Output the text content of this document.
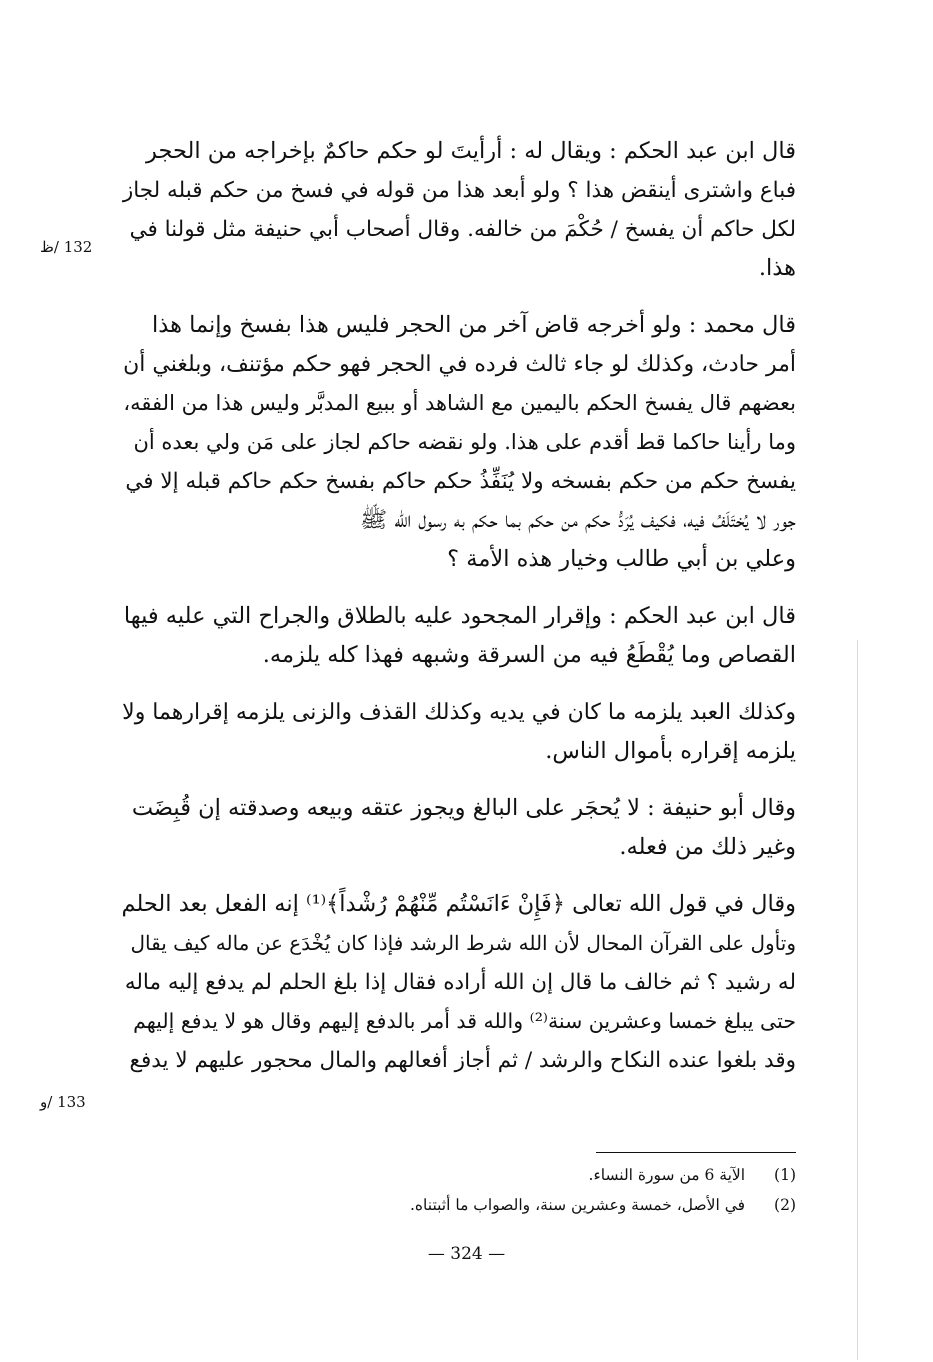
قال ابن عبد الحكم : ويقال له : أرأيتَ لو حكم حاكمٌ بإخراجه من الحجر
فباع واشترى أينقض هذا ؟ ولو أبعد هذا من قوله في فسخ من حكم قبله لجاز
لكل حاكم أن يفسخ / حُكْمَ من خالفه. وقال أصحاب أبي حنيفة مثل قولنا في
هذا.

قال محمد : ولو أخرجه قاض آخر من الحجر فليس هذا بفسخ وإنما هذا
أمر حادث، وكذلك لو جاء ثالث فرده في الحجر فهو حكم مؤتنف، وبلغني أن
بعضهم قال يفسخ الحكم باليمين مع الشاهد أو ببيع المدبَّر وليس هذا من الفقه،
وما رأينا حاكما قط أقدم على هذا. ولو نقضه حاكم لجاز على مَن ولي بعده أن
يفسخ حكم من حكم بفسخه ولا يُنَفِّذُ حكم حاكم بفسخ حكم حاكم قبله إلا في
جور لا يُختَلَفُ فيه، فكيف يُرَدُّ حكم من حكم بما حكم به رسول الله ﷺ
وعلي بن أبي طالب وخيار هذه الأمة ؟

قال ابن عبد الحكم : وإقرار المجحود عليه بالطلاق والجراح التي عليه فيها
القصاص وما يُقْطَعُ فيه من السرقة وشبهه فهذا كله يلزمه.

وكذلك العبد يلزمه ما كان في يديه وكذلك القذف والزنى يلزمه إقرارهما ولا
يلزمه إقراره بأموال الناس.

وقال أبو حنيفة : لا يُحجَر على البالغ ويجوز عتقه وبيعه وصدقته إن قُبِضَت
وغير ذلك من فعله.

وقال في قول الله تعالى ﴿فَإِنْ ءَانَسْتُم مِّنْهُمْ رُشْداً﴾⁽¹⁾ إنه الفعل بعد الحلم
وتأول على القرآن المحال لأن الله شرط الرشد فإذا كان يُخْدَع عن ماله كيف يقال
له رشيد ؟ ثم خالف ما قال إن الله أراده فقال إذا بلغ الحلم لم يدفع إليه ماله
حتى يبلغ خمسا وعشرين سنة⁽²⁾ والله قد أمر بالدفع إليهم وقال هو لا يدفع إليهم
وقد بلغوا عنده النكاح والرشد / ثم أجاز أفعالهم والمال محجور عليهم لا يدفع

132 /ظ
133 /و
(1) الآية 6 من سورة النساء.
(2) في الأصل، خمسة وعشرين سنة، والصواب ما أثبتناه.
— 324 —
